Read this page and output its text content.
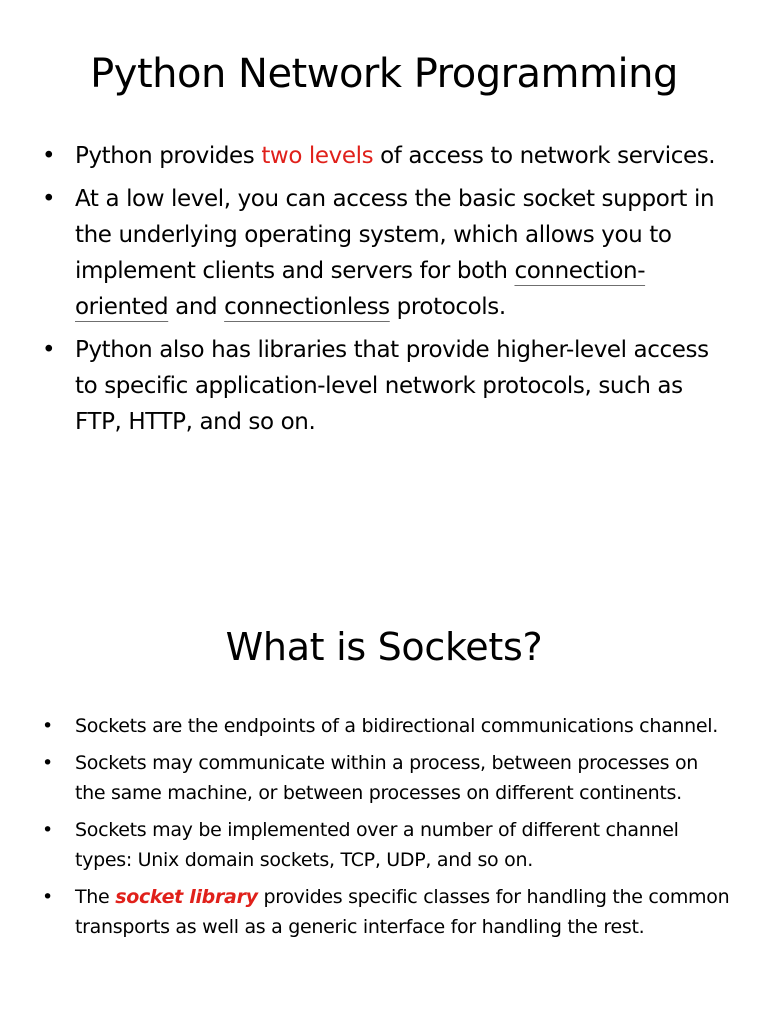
Python Network Programming
• Python provides two levels of access to network services.
• At a low level, you can access the basic socket support in the underlying operating system, which allows you to implement clients and servers for both connection-oriented and connectionless protocols.
• Python also has libraries that provide higher-level access to specific application-level network protocols, such as FTP, HTTP, and so on.
What is Sockets?
• Sockets are the endpoints of a bidirectional communications channel.
• Sockets may communicate within a process, between processes on the same machine, or between processes on different continents.
• Sockets may be implemented over a number of different channel types: Unix domain sockets, TCP, UDP, and so on.
• The socket library provides specific classes for handling the common transports as well as a generic interface for handling the rest.
